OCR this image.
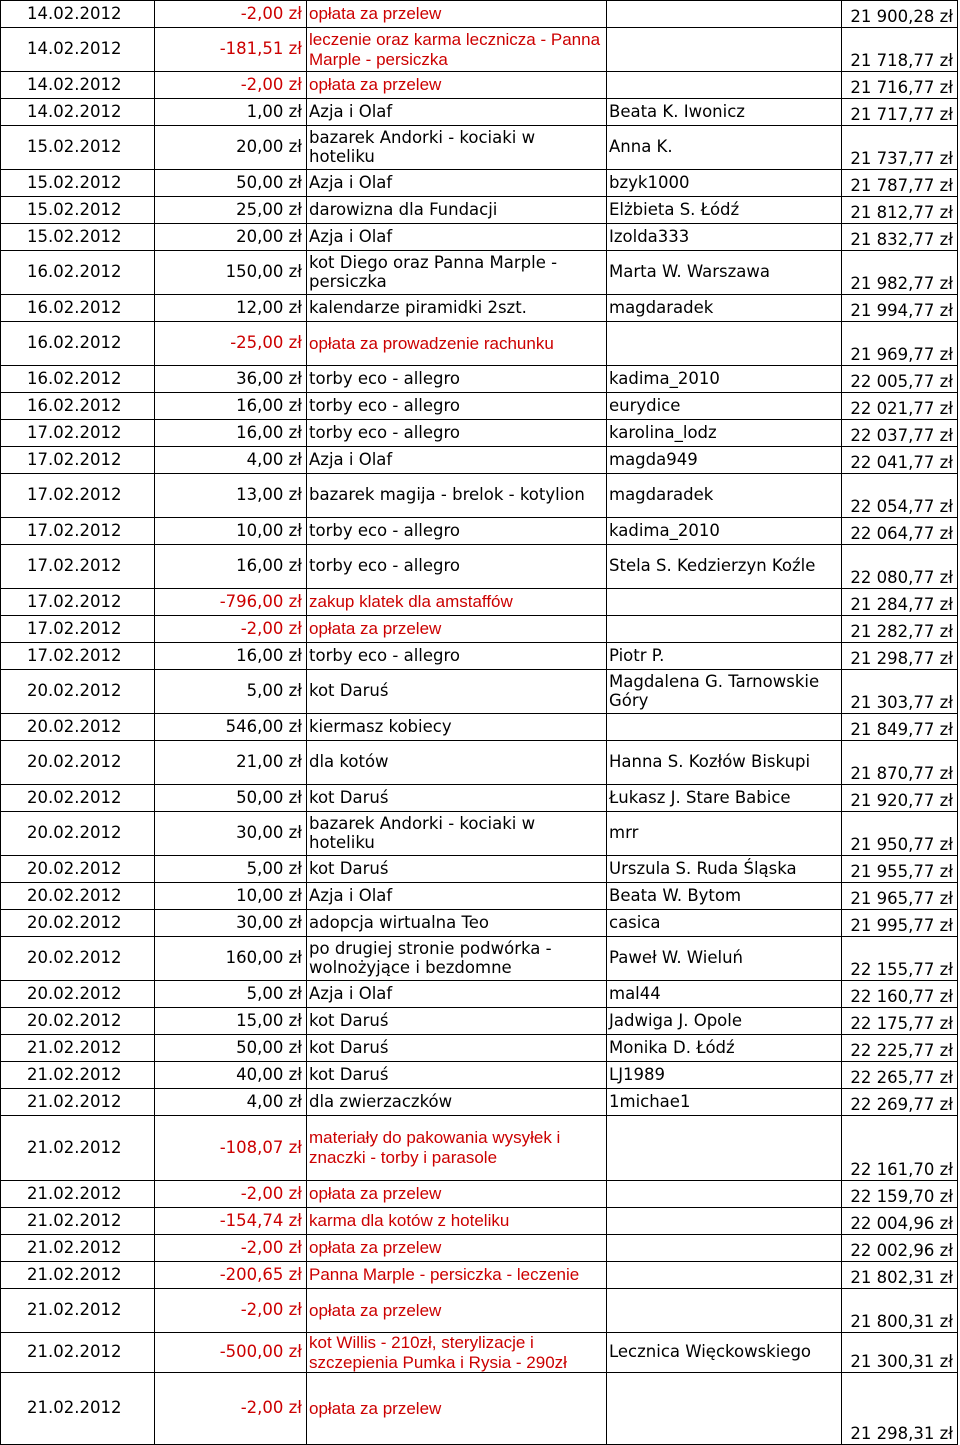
14.02.2012	-2,00 zł	opłata za przelew		21 900,28 zł
14.02.2012	-181,51 zł	leczenie oraz karma lecznicza - Panna Marple - persiczka		21 718,77 zł
14.02.2012	-2,00 zł	opłata za przelew		21 716,77 zł
14.02.2012	1,00 zł	Azja i Olaf	Beata K. Iwonicz	21 717,77 zł
15.02.2012	20,00 zł	bazarek Andorki - kociaki w hoteliku	Anna K.	21 737,77 zł
15.02.2012	50,00 zł	Azja i Olaf	bzyk1000	21 787,77 zł
15.02.2012	25,00 zł	darowizna dla Fundacji	Elżbieta S. Łódź	21 812,77 zł
15.02.2012	20,00 zł	Azja i Olaf	Izolda333	21 832,77 zł
16.02.2012	150,00 zł	kot Diego oraz Panna Marple - persiczka	Marta W. Warszawa	21 982,77 zł
16.02.2012	12,00 zł	kalendarze piramidki 2szt.	magdaradek	21 994,77 zł
16.02.2012	-25,00 zł	opłata za prowadzenie rachunku		21 969,77 zł
16.02.2012	36,00 zł	torby eco - allegro	kadima_2010	22 005,77 zł
16.02.2012	16,00 zł	torby eco - allegro	eurydice	22 021,77 zł
17.02.2012	16,00 zł	torby eco - allegro	karolina_lodz	22 037,77 zł
17.02.2012	4,00 zł	Azja i Olaf	magda949	22 041,77 zł
17.02.2012	13,00 zł	bazarek magija - brelok - kotylion	magdaradek	22 054,77 zł
17.02.2012	10,00 zł	torby eco - allegro	kadima_2010	22 064,77 zł
17.02.2012	16,00 zł	torby eco - allegro	Stela S. Kedzierzyn Koźle	22 080,77 zł
17.02.2012	-796,00 zł	zakup klatek dla amstaffów		21 284,77 zł
17.02.2012	-2,00 zł	opłata za przelew		21 282,77 zł
17.02.2012	16,00 zł	torby eco - allegro	Piotr P.	21 298,77 zł
20.02.2012	5,00 zł	kot Daruś	Magdalena G. Tarnowskie Góry	21 303,77 zł
20.02.2012	546,00 zł	kiermasz kobiecy		21 849,77 zł
20.02.2012	21,00 zł	dla kotów	Hanna S. Kozłów Biskupi	21 870,77 zł
20.02.2012	50,00 zł	kot Daruś	Łukasz J. Stare Babice	21 920,77 zł
20.02.2012	30,00 zł	bazarek Andorki - kociaki w hoteliku	mrr	21 950,77 zł
20.02.2012	5,00 zł	kot Daruś	Urszula S. Ruda Śląska	21 955,77 zł
20.02.2012	10,00 zł	Azja i Olaf	Beata W. Bytom	21 965,77 zł
20.02.2012	30,00 zł	adopcja wirtualna Teo	casica	21 995,77 zł
20.02.2012	160,00 zł	po drugiej stronie podwórka - wolnożyjące i bezdomne	Paweł W. Wieluń	22 155,77 zł
20.02.2012	5,00 zł	Azja i Olaf	mal44	22 160,77 zł
20.02.2012	15,00 zł	kot Daruś	Jadwiga J. Opole	22 175,77 zł
21.02.2012	50,00 zł	kot Daruś	Monika D. Łódź	22 225,77 zł
21.02.2012	40,00 zł	kot Daruś	LJ1989	22 265,77 zł
21.02.2012	4,00 zł	dla zwierzaczków	1michae1	22 269,77 zł
21.02.2012	-108,07 zł	materiały do pakowania wysyłek i znaczki - torby i parasole		22 161,70 zł
21.02.2012	-2,00 zł	opłata za przelew		22 159,70 zł
21.02.2012	-154,74 zł	karma dla kotów z hoteliku		22 004,96 zł
21.02.2012	-2,00 zł	opłata za przelew		22 002,96 zł
21.02.2012	-200,65 zł	Panna Marple - persiczka - leczenie		21 802,31 zł
21.02.2012	-2,00 zł	opłata za przelew		21 800,31 zł
21.02.2012	-500,00 zł	kot Willis - 210zł, sterylizacje i szczepienia Pumka i Rysia - 290zł	Lecznica Więckowskiego	21 300,31 zł
21.02.2012	-2,00 zł	opłata za przelew		21 298,31 zł
